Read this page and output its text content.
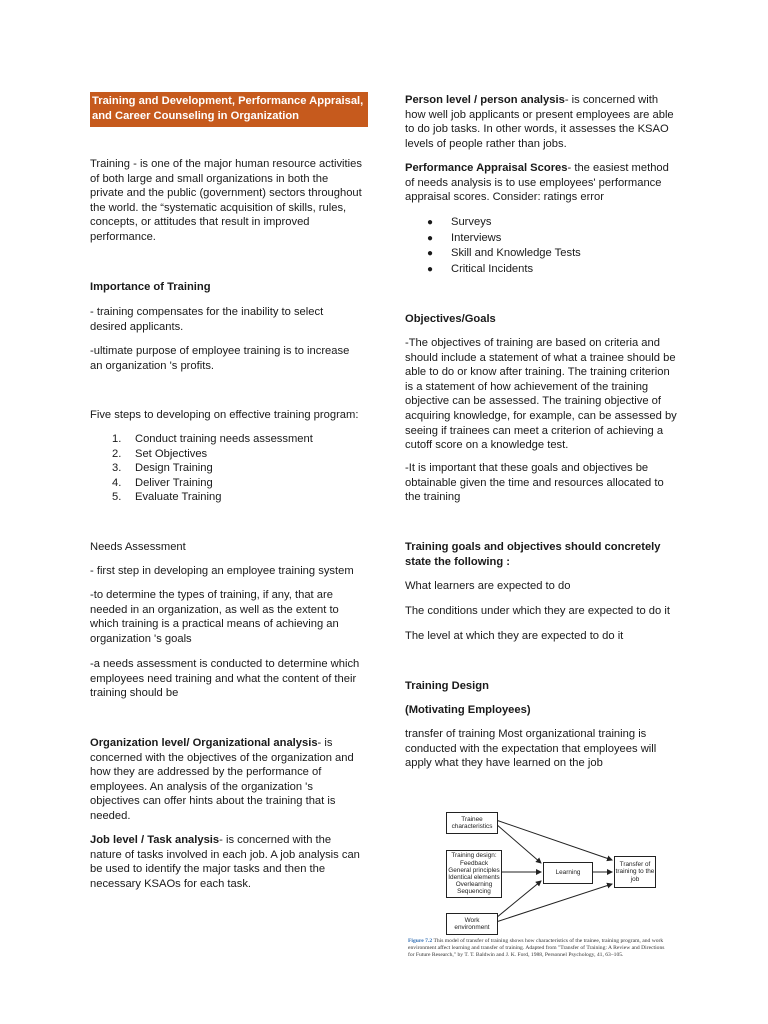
Training and Development, Performance Appraisal, and Career Counseling in Organization

Training - is one of the major human resource activities of both large and small organizations in both the private and the public (government) sectors throughout the world. the “systematic acquisition of skills, rules, concepts, or attitudes that result in improved performance.

Importance of Training

- training compensates for the inability to select desired applicants.

-ultimate purpose of employee training is to increase an organization 's profits.

Five steps to developing on effective training program:

1. Conduct training needs assessment
2. Set Objectives
3. Design Training
4. Deliver Training
5. Evaluate Training

Needs Assessment

- first step in developing an employee training system

-to determine the types of training, if any, that are needed in an organization, as well as the extent to which training is a practical means of achieving an organization 's goals

-a needs assessment is conducted to determine which employees need training and what the content of their training should be

Organization level/ Organizational analysis- is concerned with the objectives of the organization and how they are addressed by the performance of employees. An analysis of the organization 's objectives can offer hints about the training that is needed.

Job level / Task analysis- is concerned with the nature of tasks involved in each job. A job analysis can be used to identify the major tasks and then the necessary KSAOs for each task.

Person level / person analysis- is concerned with how well job applicants or present employees are able to do job tasks. In other words, it assesses the KSAO levels of people rather than jobs.

Performance Appraisal Scores- the easiest method of needs analysis is to use employees' performance appraisal scores. Consider: ratings error

● Surveys
● Interviews
● Skill and Knowledge Tests
● Critical Incidents

Objectives/Goals

-The objectives of training are based on criteria and should include a statement of what a trainee should be able to do or know after training. The training criterion is a statement of how achievement of the training objective can be assessed. The training objective of acquiring knowledge, for example, can be assessed by seeing if trainees can meet a criterion of achieving a cutoff score on a knowledge test.

-It is important that these goals and objectives be obtainable given the time and resources allocated to the training

Training goals and objectives should concretely state the following :

What learners are expected to do

The conditions under which they are expected to do it

The level at which they are expected to do it

Training Design

(Motivating Employees)

transfer of training Most organizational training is conducted with the expectation that employees will apply what they have learned on the job

Trainee characteristics
Training design:
Feedback
General principles
Identical elements
Overlearning
Sequencing
Learning
Transfer of training to the job
Work environment
Figure 7.2 This model of transfer of training shows how characteristics of the trainee, training program, and work environment affect learning and transfer of training. Adapted from "Transfer of Training: A Review and Directions for Future Research," by T. T. Baldwin and J. K. Ford, 1988, Personnel Psychology, 41, 63–105.
